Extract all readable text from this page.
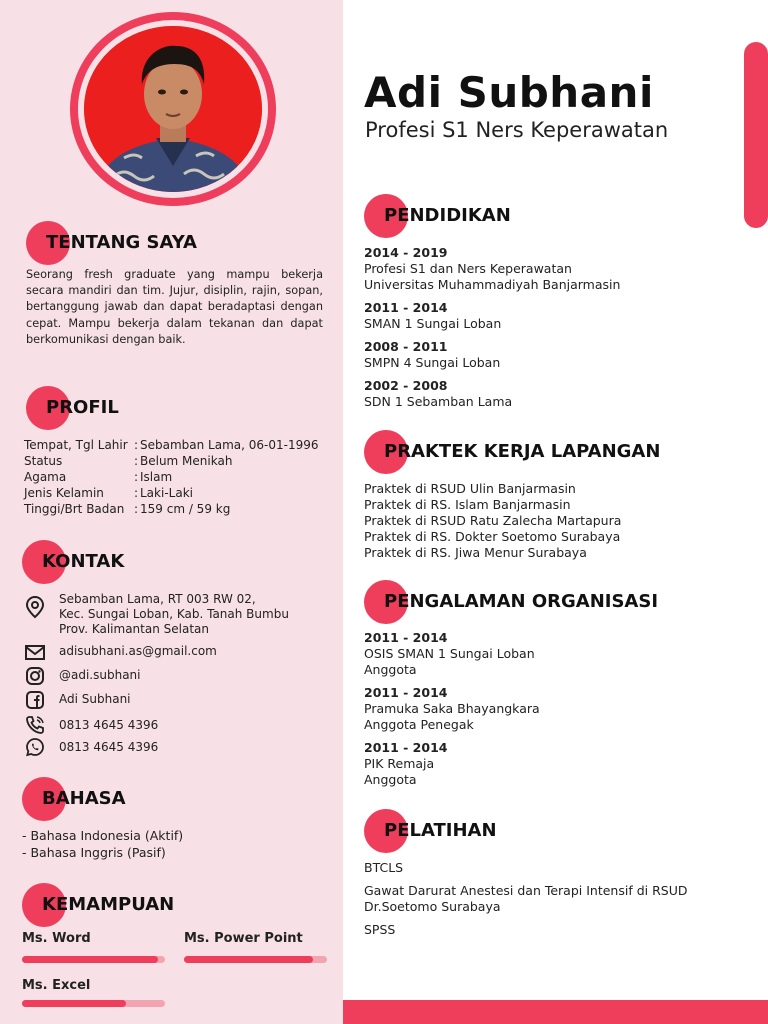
Adi Subhani
Profesi S1 Ners Keperawatan
TENTANG SAYA
Seorang fresh graduate yang mampu bekerja secara mandiri dan tim. Jujur, disiplin, rajin, sopan, bertanggung jawab dan dapat beradaptasi dengan cepat. Mampu bekerja dalam tekanan dan dapat berkomunikasi dengan baik.
PROFIL
Tempat, Tgl Lahir : Sebamban Lama, 06-01-1996
Status	: Belum Menikah
Agama	: Islam
Jenis Kelamin	: Laki-Laki
Tinggi/Brt Badan : 159 cm / 59 kg
KONTAK
Sebamban Lama, RT 003 RW 02,
Kec. Sungai Loban, Kab. Tanah Bumbu
Prov. Kalimantan Selatan
adisubhani.as@gmail.com
@adi.subhani
Adi Subhani
0813 4645 4396
0813 4645 4396
BAHASA
- Bahasa Indonesia (Aktif)
- Bahasa Inggris (Pasif)
KEMAMPUAN
Ms. Word	Ms. Power Point
Ms. Excel
PENDIDIKAN
2014 - 2019
Profesi S1 dan Ners Keperawatan
Universitas Muhammadiyah Banjarmasin
2011 - 2014
SMAN 1 Sungai Loban
2008 - 2011
SMPN 4 Sungai Loban
2002 - 2008
SDN 1 Sebamban Lama
PRAKTEK KERJA LAPANGAN
Praktek di RSUD Ulin Banjarmasin
Praktek di RS. Islam Banjarmasin
Praktek di RSUD Ratu Zalecha Martapura
Praktek di RS. Dokter Soetomo Surabaya
Praktek di RS. Jiwa Menur Surabaya
PENGALAMAN ORGANISASI
2011 - 2014
OSIS SMAN 1 Sungai Loban
Anggota
2011 - 2014
Pramuka Saka Bhayangkara
Anggota Penegak
2011 - 2014
PIK Remaja
Anggota
PELATIHAN
BTCLS
Gawat Darurat Anestesi dan Terapi Intensif di RSUD
Dr.Soetomo Surabaya
SPSS
